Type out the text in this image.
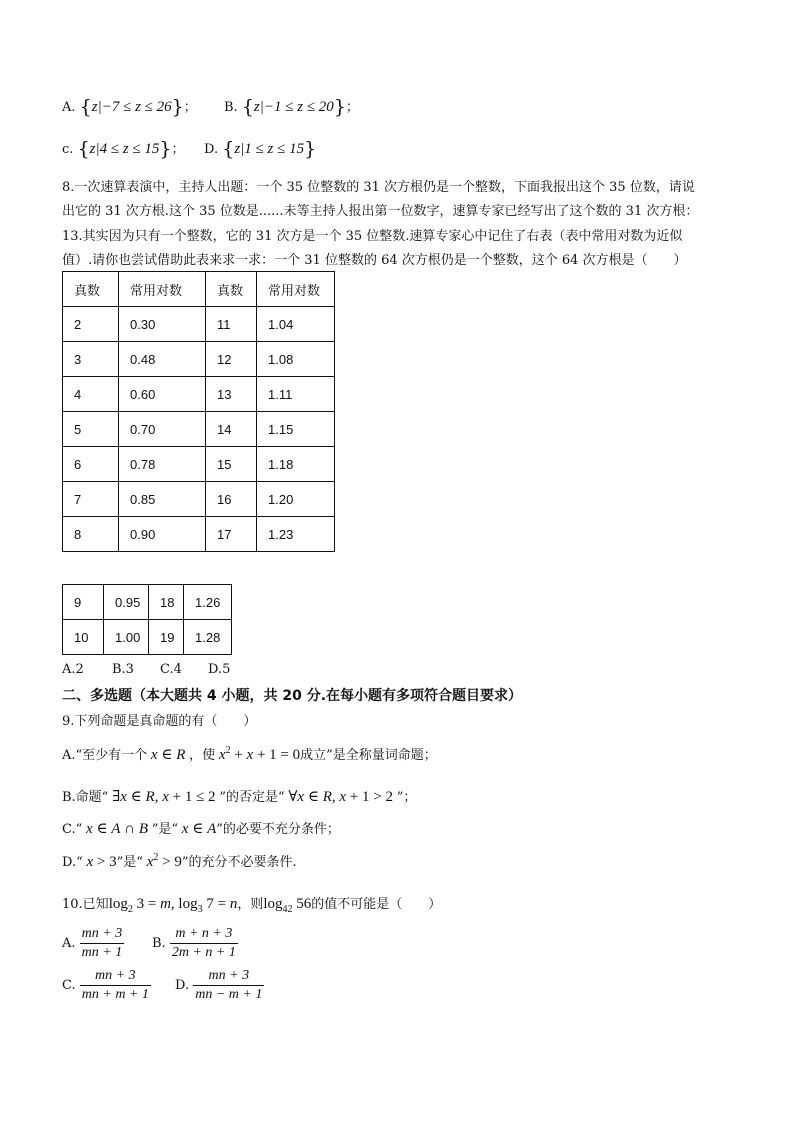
A. {z|−7 ≤ z ≤ 26}； B. {z|−1 ≤ z ≤ 20}；
c. {z|4 ≤ z ≤ 15}； D. {z|1 ≤ z ≤ 15}
8.一次速算表演中，主持人出题：一个 35 位整数的 31 次方根仍是一个整数，下面我报出这个 35 位数，请说
出它的 31 次方根.这个 35 位数是......未等主持人报出第一位数字，速算专家已经写出了这个数的 31 次方根：
13.其实因为只有一个整数，它的 31 次方是一个 35 位整数.速算专家心中记住了右表（表中常用对数为近似
值）.请你也尝试借助此表来求一求：一个 31 位整数的 64 次方根仍是一个整数，这个 64 次方根是（　　）
真数	常用对数	真数	常用对数
2	0.30	11	1.04
3	0.48	12	1.08
4	0.60	13	1.11
5	0.70	14	1.15
6	0.78	15	1.18
7	0.85	16	1.20
8	0.90	17	1.23
9	0.95	18	1.26
10	1.00	19	1.28
A.2 B.3 C.4 D.5
二、多选题（本大题共 4 小题，共 20 分.在每小题有多项符合题目要求）
9.下列命题是真命题的有（　　）
A.“至少有一个 x ∈ R ，使 $x^2 + x + 1 = 0$成立”是全称量词命题；
B.命题“ ∃x ∈ R, x + 1 ≤ 2 ”的否定是“ ∀x ∈ R, x + 1 > 2 ”；
C.“ x ∈ A ∩ B ”是“ x ∈ A”的必要不充分条件；
D.“ x > 3”是“ $x^2 > 9$”的充分不必要条件.
10.已知$\log_2 3 = m$, $\log_3 7 = n$，则$\log_{42} 56$的值不可能是（　　）
A. $\frac{mn + 3}{mn + 1} B$. $\frac{m + n + 3}{2m + n + 1}$
C. $\frac{mn + 3}{mn + m + 1} D$. $\frac{mn + 3}{mn - m + 1}$
